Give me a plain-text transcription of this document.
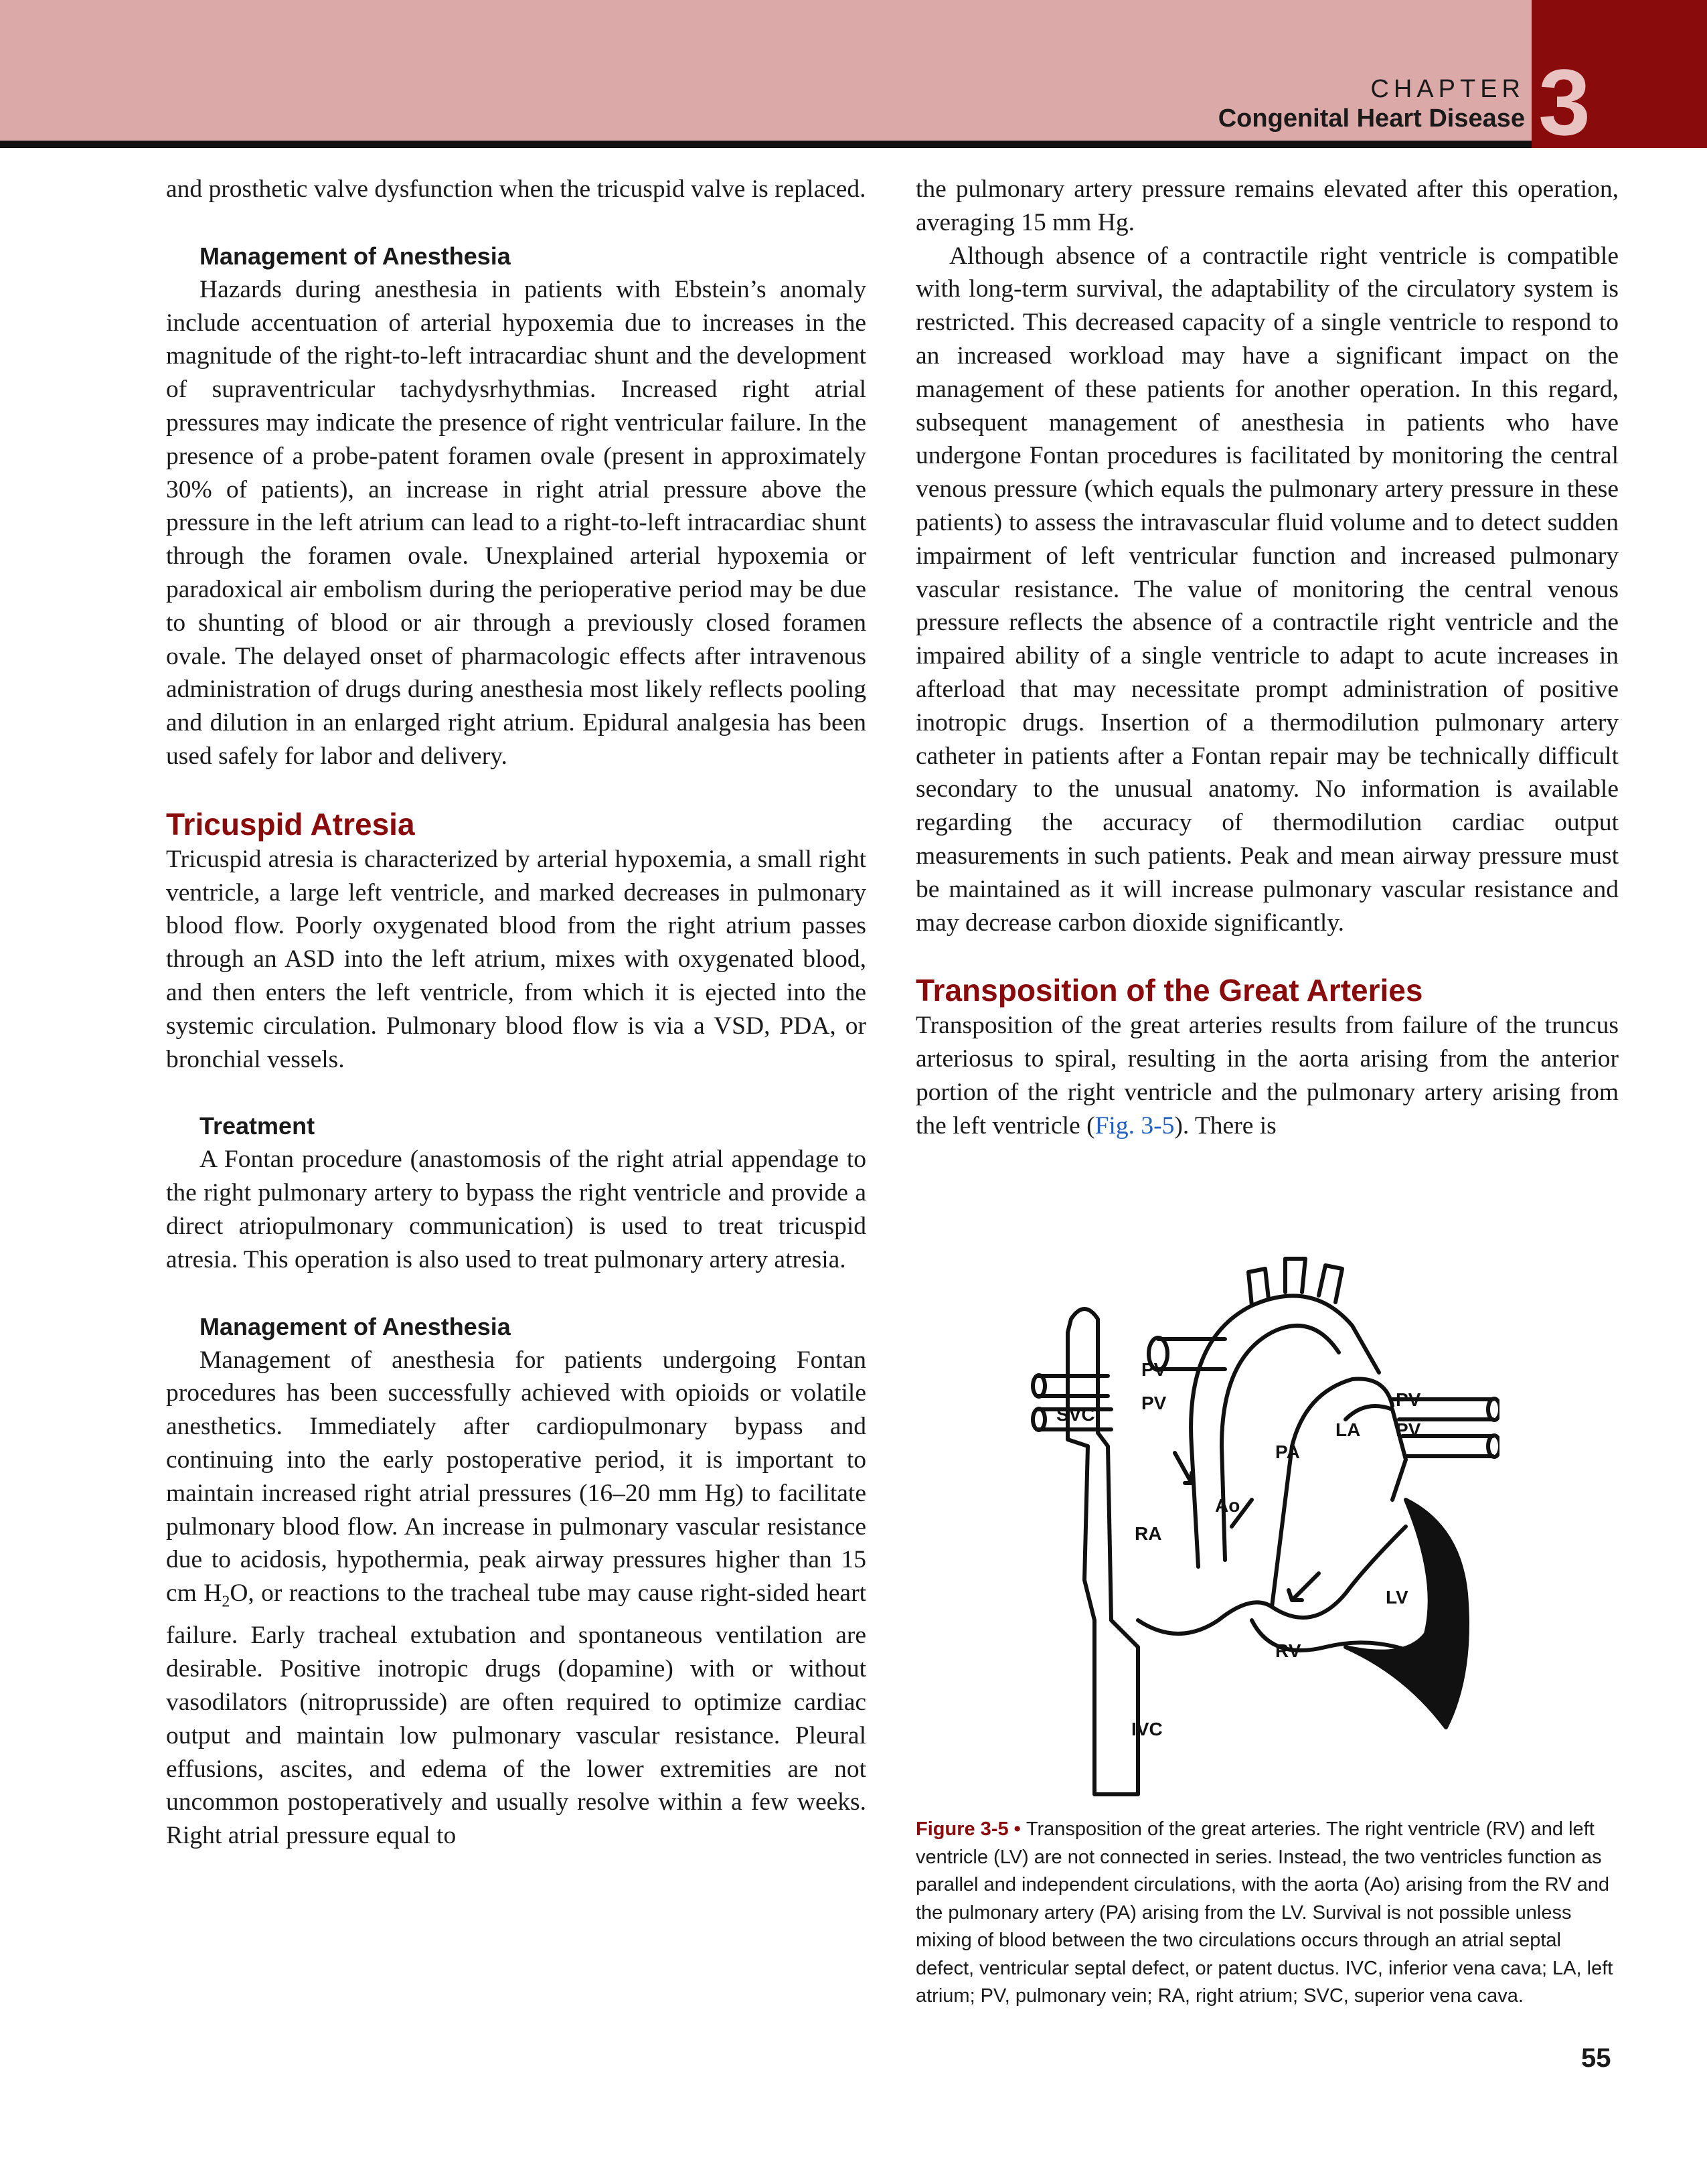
3
CHAPTER
Congenital Heart Disease

and prosthetic valve dysfunction when the tricuspid valve is replaced.

Management of Anesthesia

Hazards during anesthesia in patients with Ebstein’s anomaly include accentuation of arterial hypoxemia due to increases in the magnitude of the right-to-left intracardiac shunt and the development of supraventricular tachydysrhythmias. Increased right atrial pressures may indicate the presence of right ventricular failure. In the presence of a probe-patent foramen ovale (present in approximately 30% of patients), an increase in right atrial pressure above the pressure in the left atrium can lead to a right-to-left intracardiac shunt through the foramen ovale. Unexplained arterial hypoxemia or paradoxical air embolism during the perioperative period may be due to shunting of blood or air through a previously closed foramen ovale. The delayed onset of pharmacologic effects after intravenous administration of drugs during anesthesia most likely reflects pooling and dilution in an enlarged right atrium. Epidural analgesia has been used safely for labor and delivery.

Tricuspid Atresia

Tricuspid atresia is characterized by arterial hypoxemia, a small right ventricle, a large left ventricle, and marked decreases in pulmonary blood flow. Poorly oxygenated blood from the right atrium passes through an ASD into the left atrium, mixes with oxygenated blood, and then enters the left ventricle, from which it is ejected into the systemic circulation. Pulmonary blood flow is via a VSD, PDA, or bronchial vessels.

Treatment

A Fontan procedure (anastomosis of the right atrial appendage to the right pulmonary artery to bypass the right ventricle and provide a direct atriopulmonary communication) is used to treat tricuspid atresia. This operation is also used to treat pulmonary artery atresia.

Management of Anesthesia

Management of anesthesia for patients undergoing Fontan procedures has been successfully achieved with opioids or volatile anesthetics. Immediately after cardiopulmonary bypass and continuing into the early postoperative period, it is important to maintain increased right atrial pressures (16–20 mm Hg) to facilitate pulmonary blood flow. An increase in pulmonary vascular resistance due to acidosis, hypothermia, peak airway pressures higher than 15 cm $H_2O$, or reactions to the tracheal tube may cause right-sided heart failure. Early tracheal extubation and spontaneous ventilation are desirable. Positive inotropic drugs (dopamine) with or without vasodilators (nitroprusside) are often required to optimize cardiac output and maintain low pulmonary vascular resistance. Pleural effusions, ascites, and edema of the lower extremities are not uncommon postoperatively and usually resolve within a few weeks. Right atrial pressure equal to

the pulmonary artery pressure remains elevated after this operation, averaging 15 mm Hg.

Although absence of a contractile right ventricle is compatible with long-term survival, the adaptability of the circulatory system is restricted. This decreased capacity of a single ventricle to respond to an increased workload may have a significant impact on the management of these patients for another operation. In this regard, subsequent management of anesthesia in patients who have undergone Fontan procedures is facilitated by monitoring the central venous pressure (which equals the pulmonary artery pressure in these patients) to assess the intravascular fluid volume and to detect sudden impairment of left ventricular function and increased pulmonary vascular resistance. The value of monitoring the central venous pressure reflects the absence of a contractile right ventricle and the impaired ability of a single ventricle to adapt to acute increases in afterload that may necessitate prompt administration of positive inotropic drugs. Insertion of a thermodilution pulmonary artery catheter in patients after a Fontan repair may be technically difficult secondary to the unusual anatomy. No information is available regarding the accuracy of thermodilution cardiac output measurements in such patients. Peak and mean airway pressure must be maintained as it will increase pulmonary vascular resistance and may decrease carbon dioxide significantly.

Transposition of the Great Arteries

Transposition of the great arteries results from failure of the truncus arteriosus to spiral, resulting in the aorta arising from the anterior portion of the right ventricle and the pulmonary artery arising from the left ventricle (Fig. 3-5). There is

PV
PV	PV
PV
SVC
LA
PA
Ao
RA
LV
RV
IVC
Figure 3-5 • Transposition of the great arteries. The right ventricle (RV) and left ventricle (LV) are not connected in series. Instead, the two ventricles function as parallel and independent circulations, with the aorta (Ao) arising from the RV and the pulmonary artery (PA) arising from the LV. Survival is not possible unless mixing of blood between the two circulations occurs through an atrial septal defect, ventricular septal defect, or patent ductus. IVC, inferior vena cava; LA, left atrium; PV, pulmonary vein; RA, right atrium; SVC, superior vena cava.
55
